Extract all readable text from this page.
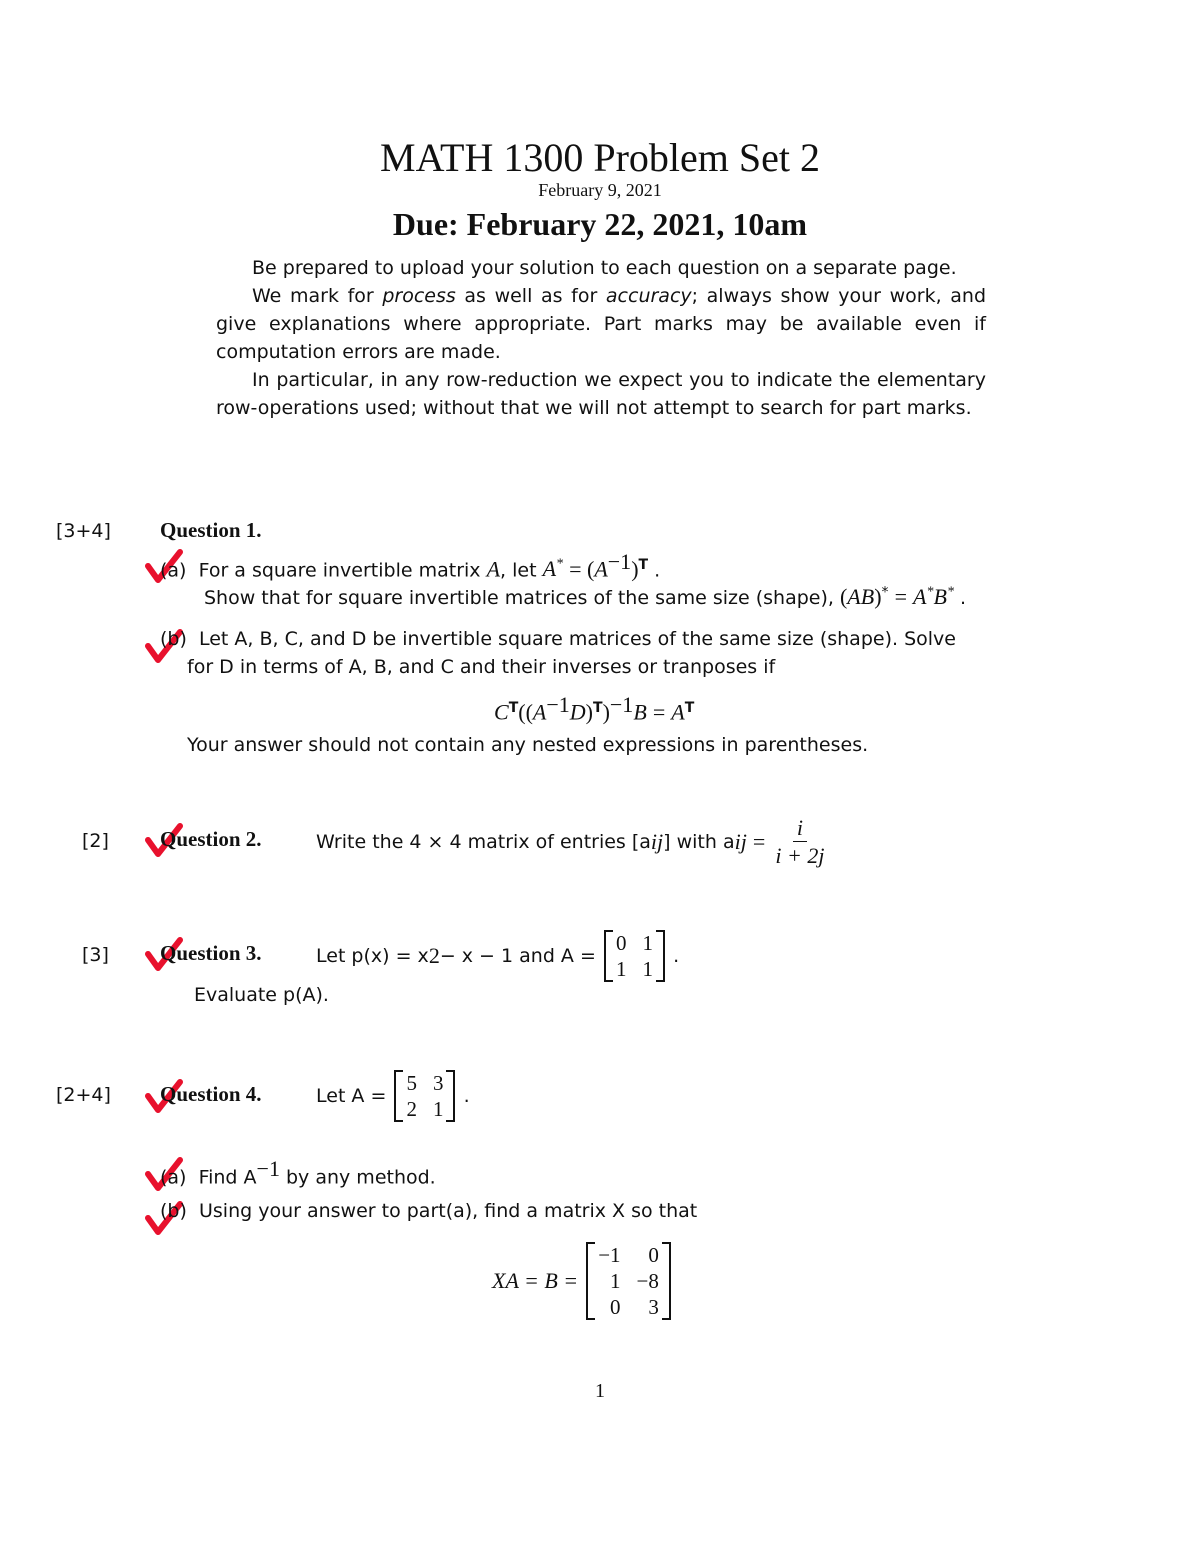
MATH 1300 Problem Set 2
February 9, 2021
Due: February 22, 2021, 10am

Be prepared to upload your solution to each question on a separate page.

We mark for process as well as for accuracy; always show your work, and give explanations where appropriate. Part marks may be available even if computation errors are made.

In particular, in any row-reduction we expect you to indicate the elementary row-operations used; without that we will not attempt to search for part marks.

[3+4] Question 1.
(a) For a square invertible matrix A, let $A^* = (A^{-1})^T$ .
Show that for square invertible matrices of the same size (shape), (AB)* = A*B* .
(b) Let A, B, C, and D be invertible square matrices of the same size (shape). Solve
for D in terms of A, B, and C and their inverses or tranposes if
$C^T((A^{-1}D)^T)^{-1}B = A^T$
Your answer should not contain any nested expressions in parentheses.
[2] Question 2.	Write the 4 × 4 matrix of entries [a ij ] with a ij
=
$\frac{i}{i + 2j}$
[3] Question 3.	Let p(x) = x 2 − x − 1 and A =

0	1
1	1
.
Evaluate p(A).
[2+4] Question 4.	Let A =

5	3
2	1
.
(a) Find $A^{-1}$ by any method.
(b) Using your answer to part(a), find a matrix X so that
XA = B =

−1	0
1	−8
0	3
1
